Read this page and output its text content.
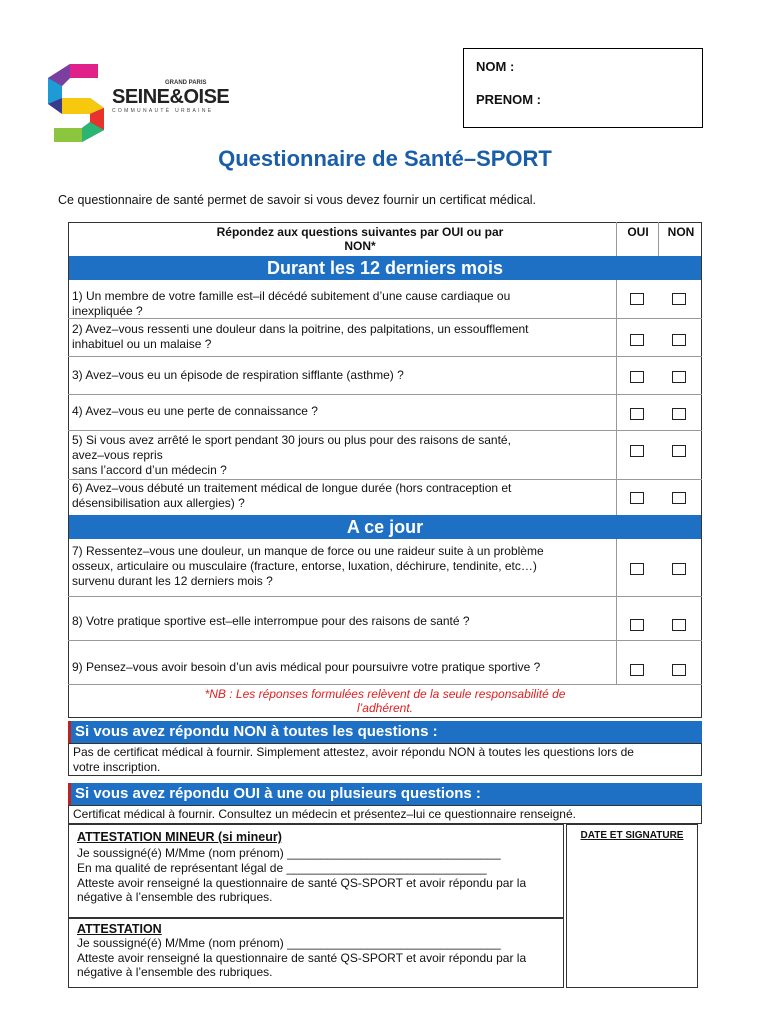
GRAND PARIS
SEINE&OISE
COMMUNAUTÉ URBAINE
NOM :
PRENOM :
Questionnaire de Santé–SPORT
Ce questionnaire de santé permet de savoir si vous devez fournir un certificat médical.
Répondez aux questions suivantes par OUI ou par
NON*
OUI	NON
Durant les 12 derniers mois
1) Un membre de votre famille est–il décédé subitement d’une cause cardiaque ou
inexpliquée ?
2) Avez–vous ressenti une douleur dans la poitrine, des palpitations, un essoufflement
inhabituel ou un malaise ?
3) Avez–vous eu un épisode de respiration sifflante (asthme) ?
4) Avez–vous eu une perte de connaissance ?
5) Si vous avez arrêté le sport pendant 30 jours ou plus pour des raisons de santé,
avez–vous repris
sans l’accord d’un médecin ?
6) Avez–vous débuté un traitement médical de longue durée (hors contraception et
désensibilisation aux allergies) ?
A ce jour
7) Ressentez–vous une douleur, un manque de force ou une raideur suite à un problème
osseux, articulaire ou musculaire (fracture, entorse, luxation, déchirure, tendinite, etc…)
survenu durant les 12 derniers mois ?
8) Votre pratique sportive est–elle interrompue pour des raisons de santé ?
9) Pensez–vous avoir besoin d’un avis médical pour poursuivre votre pratique sportive ?
*NB : Les réponses formulées relèvent de la seule responsabilité de
l’adhérent.
Si vous avez répondu NON à toutes les questions :
Pas de certificat médical à fournir. Simplement attestez, avoir répondu NON à toutes les questions lors de
votre inscription.
Si vous avez répondu OUI à une ou plusieurs questions :
Certificat médical à fournir. Consultez un médecin et présentez–lui ce questionnaire renseigné.
ATTESTATION MINEUR (si mineur)
Je soussigné(é) M/Mme (nom prénom) ________________________________
En ma qualité de représentant légal de ______________________________
Atteste avoir renseigné la questionnaire de santé QS-SPORT et avoir répondu par la
négative à l’ensemble des rubriques.
ATTESTATION
Je soussigné(é) M/Mme (nom prénom) ________________________________
Atteste avoir renseigné la questionnaire de santé QS-SPORT et avoir répondu par la
négative à l’ensemble des rubriques.
DATE ET SIGNATURE
